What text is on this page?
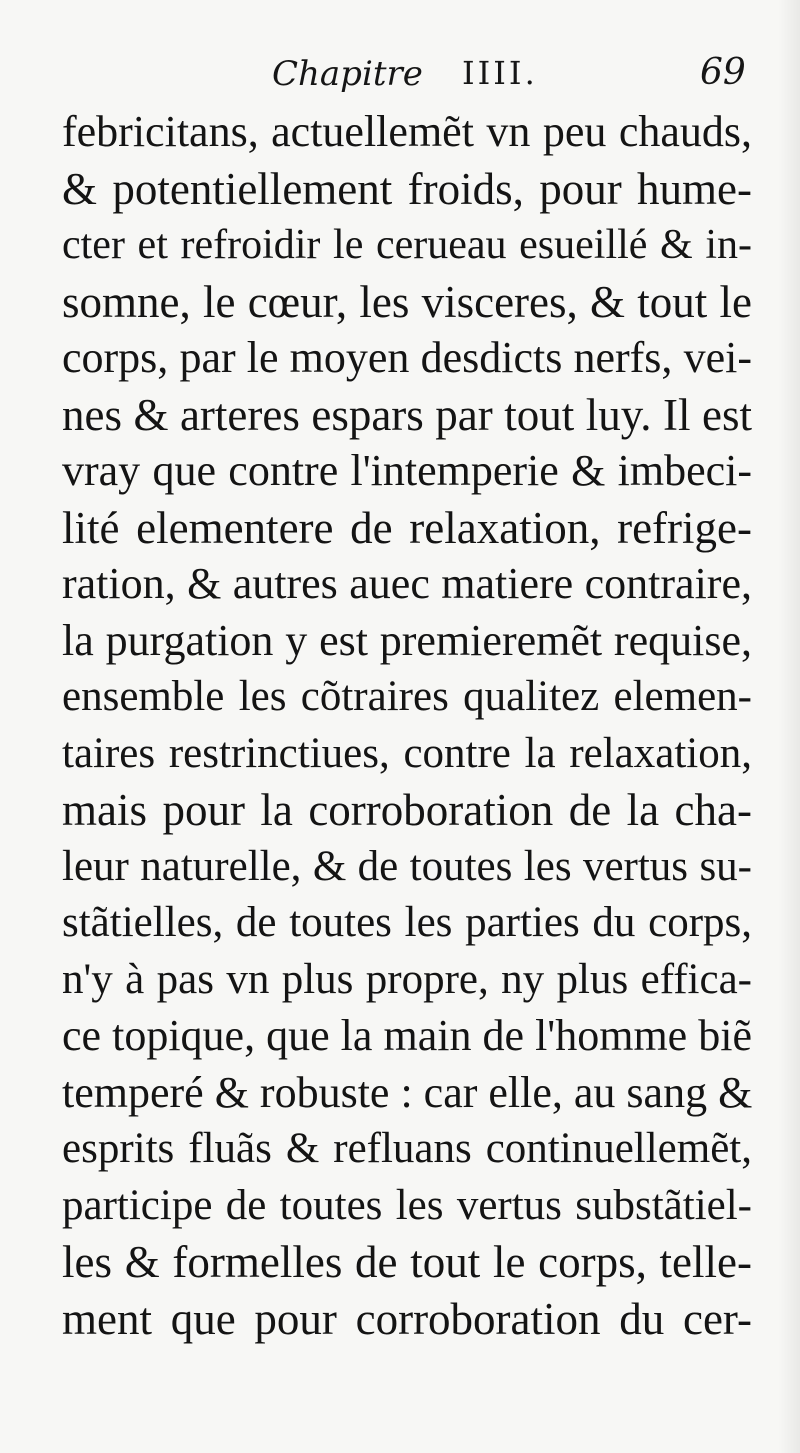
Chapitre IIII.	69
febricitans, actuellemẽt vn peu chauds,
& potentiellement froids, pour hume-
cter et refroidir le cerueau esueillé & in-
somne, le cœur, les visceres, & tout le
corps, par le moyen desdicts nerfs, vei-
nes & arteres espars par tout luy. Il est
vray que contre l'intemperie & imbeci-
lité elementere de relaxation, refrige-
ration, & autres auec matiere contraire,
la purgation y est premieremẽt requise,
ensemble les cõtraires qualitez elemen-
taires restrinctiues, contre la relaxation,
mais pour la corroboration de la cha-
leur naturelle, & de toutes les vertus su-
stãtielles, de toutes les parties du corps,
n'y à pas vn plus propre, ny plus effica-
ce topique, que la main de l'homme biẽ
temperé & robuste : car elle, au sang &
esprits fluãs & refluans continuellemẽt,
participe de toutes les vertus substãtiel-
les & formelles de tout le corps, telle-
ment que pour corroboration du cer-
